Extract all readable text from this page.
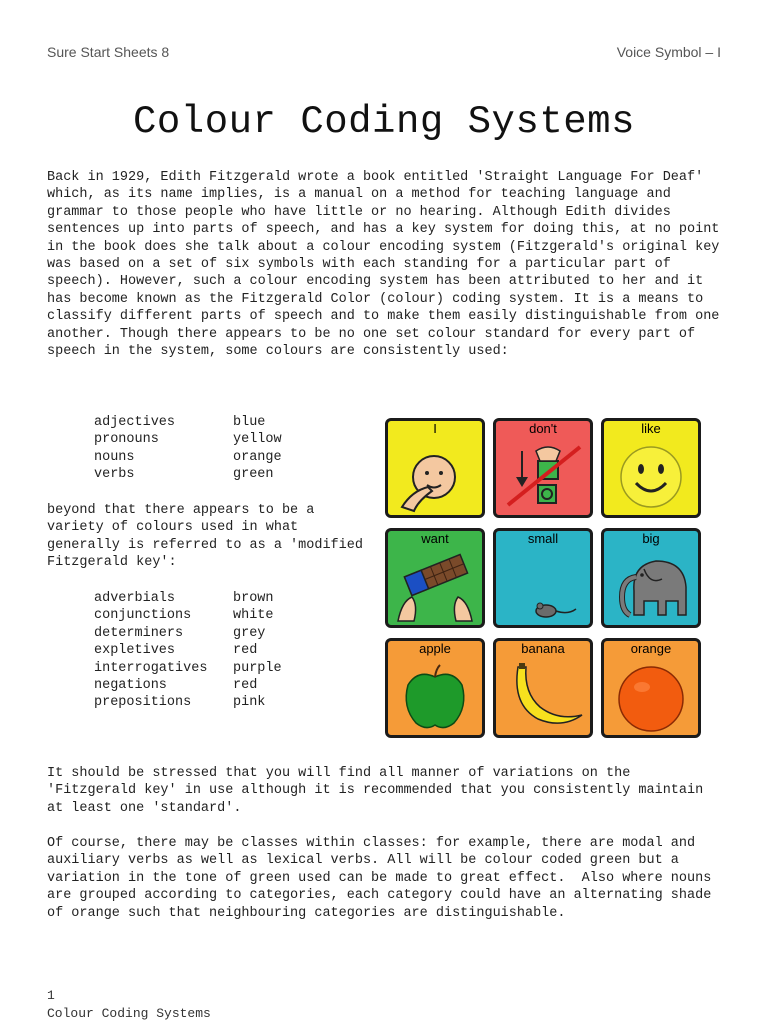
Sure Start Sheets 8	Voice Symbol – I
Colour Coding Systems

Back in 1929, Edith Fitzgerald wrote a book entitled 'Straight Language For Deaf' which, as its name implies, is a manual on a method for teaching language and grammar to those people who have little or no hearing. Although Edith divides sentences up into parts of speech, and has a key system for doing this, at no point in the book does she talk about a colour encoding system (Fitzgerald's original key was based on a set of six symbols with each standing for a particular part of speech). However, such a colour encoding system has been attributed to her and it has become known as the Fitzgerald Color (colour) coding system. It is a means to classify different parts of speech and to make them easily distinguishable from one another. Though there appears to be no one set colour standard for every part of speech in the system, some colours are consistently used:

adjectives	blue
pronouns	yellow
nouns	orange
verbs	green

beyond that there appears to be a variety of colours used in what generally is referred to as a 'modified Fitzgerald key':

adverbials	brown
conjunctions	white
determiners	grey
expletives	red
interrogatives	purple
negations	red
prepositions	pink
I	don't	like
want	small	big
apple	banana	orange

It should be stressed that you will find all manner of variations on the 'Fitzgerald key' in use although it is recommended that you consistently maintain at least one 'standard'.

Of course, there may be classes within classes: for example, there are modal and auxiliary verbs as well as lexical verbs. All will be colour coded green but a variation in the tone of green used can be made to great effect.  Also where nouns are grouped according to categories, each category could have an alternating shade of orange such that neighbouring categories are distinguishable.

1
Colour Coding Systems
